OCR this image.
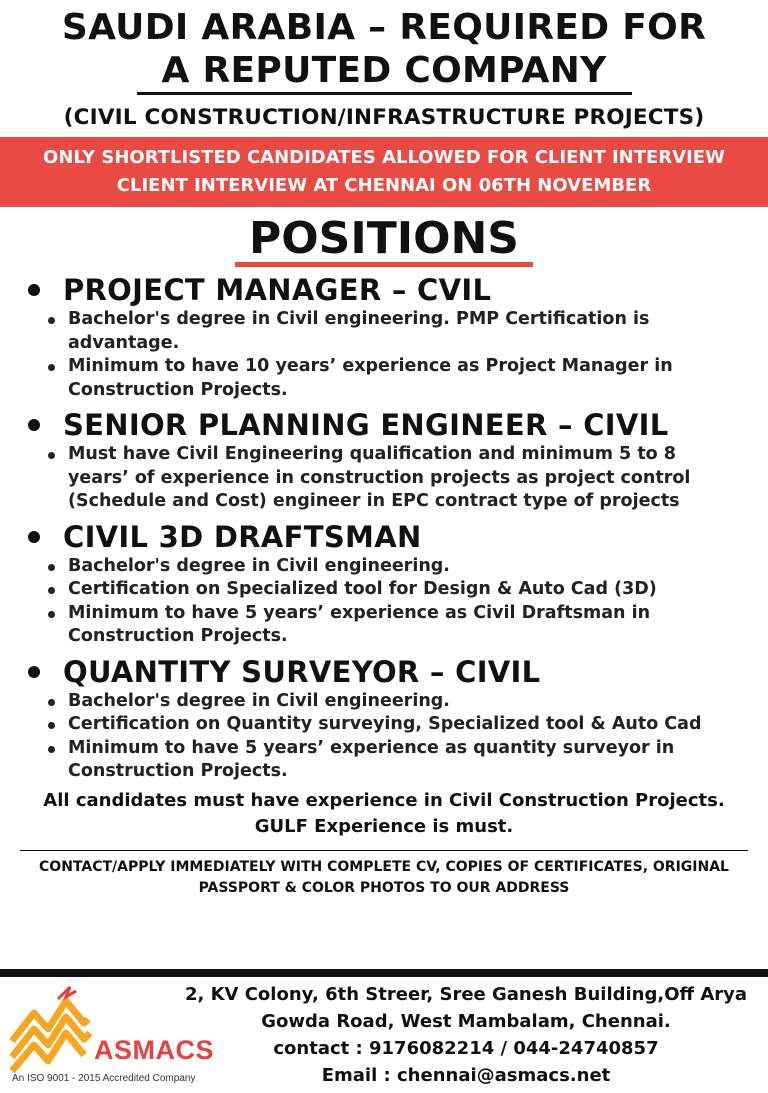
SAUDI ARABIA – REQUIRED FOR
A REPUTED COMPANY
(CIVIL CONSTRUCTION/INFRASTRUCTURE PROJECTS)
ONLY SHORTLISTED CANDIDATES ALLOWED FOR CLIENT INTERVIEW
CLIENT INTERVIEW AT CHENNAI ON 06TH NOVEMBER
POSITIONS
PROJECT MANAGER – CVIL
Bachelor's degree in Civil engineering. PMP Certification is advantage.
Minimum to have 10 years’ experience as Project Manager in Construction Projects.
SENIOR PLANNING ENGINEER – CIVIL
Must have Civil Engineering qualification and minimum 5 to 8 years’ of experience in construction projects as project control (Schedule and Cost) engineer in EPC contract type of projects
CIVIL 3D DRAFTSMAN
Bachelor's degree in Civil engineering.
Certification on Specialized tool for Design & Auto Cad (3D)
Minimum to have 5 years’ experience as Civil Draftsman in Construction Projects.
QUANTITY SURVEYOR – CIVIL
Bachelor's degree in Civil engineering.
Certification on Quantity surveying, Specialized tool & Auto Cad
Minimum to have 5 years’ experience as quantity surveyor in Construction Projects.
All candidates must have experience in Civil Construction Projects.
GULF Experience is must.
CONTACT/APPLY IMMEDIATELY WITH COMPLETE CV, COPIES OF CERTIFICATES, ORIGINAL
PASSPORT & COLOR PHOTOS TO OUR ADDRESS
ASMACS
An ISO 9001 - 2015 Accredited Company
2, KV Colony, 6th Streer, Sree Ganesh Building,Off Arya
Gowda Road, West Mambalam, Chennai.
contact : 9176082214 / 044-24740857
Email : chennai@asmacs.net
